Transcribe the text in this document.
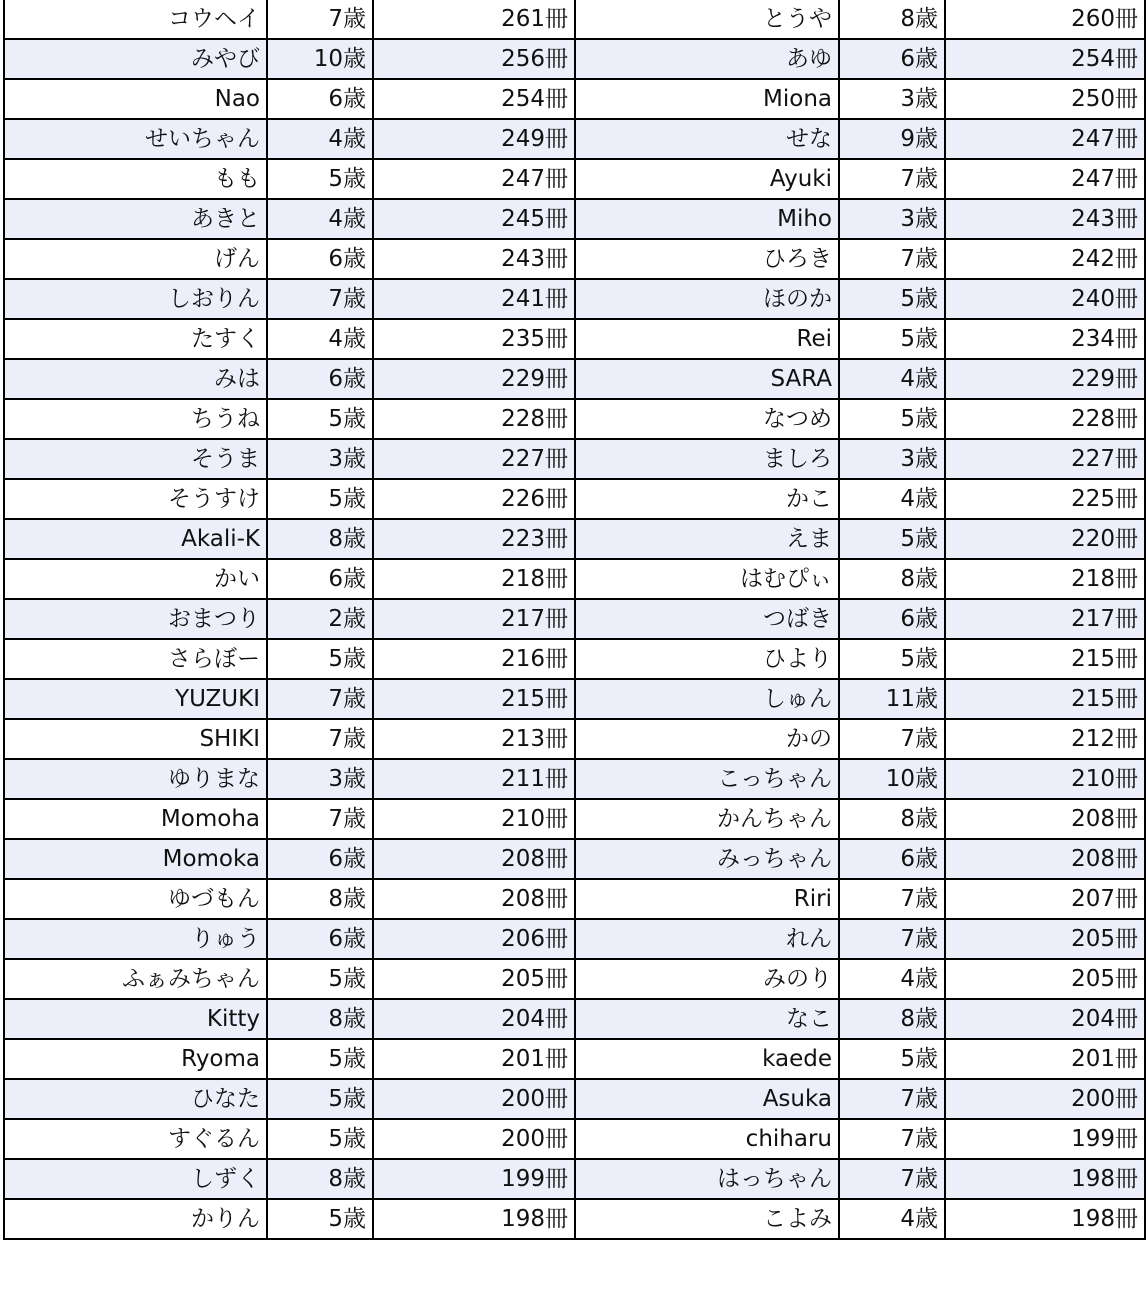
コウヘイ	7歳	261冊	とうや	8歳	260冊
みやび	10歳	256冊	あゆ	6歳	254冊
Nao	6歳	254冊	Miona	3歳	250冊
せいちゃん	4歳	249冊	せな	9歳	247冊
もも	5歳	247冊	Ayuki	7歳	247冊
あきと	4歳	245冊	Miho	3歳	243冊
げん	6歳	243冊	ひろき	7歳	242冊
しおりん	7歳	241冊	ほのか	5歳	240冊
たすく	4歳	235冊	Rei	5歳	234冊
みは	6歳	229冊	SARA	4歳	229冊
ちうね	5歳	228冊	なつめ	5歳	228冊
そうま	3歳	227冊	ましろ	3歳	227冊
そうすけ	5歳	226冊	かこ	4歳	225冊
Akali-K	8歳	223冊	えま	5歳	220冊
かい	6歳	218冊	はむぴぃ	8歳	218冊
おまつり	2歳	217冊	つばき	6歳	217冊
さらぼー	5歳	216冊	ひより	5歳	215冊
YUZUKI	7歳	215冊	しゅん	11歳	215冊
SHIKI	7歳	213冊	かの	7歳	212冊
ゆりまな	3歳	211冊	こっちゃん	10歳	210冊
Momoha	7歳	210冊	かんちゃん	8歳	208冊
Momoka	6歳	208冊	みっちゃん	6歳	208冊
ゆづもん	8歳	208冊	Riri	7歳	207冊
りゅう	6歳	206冊	れん	7歳	205冊
ふぁみちゃん	5歳	205冊	みのり	4歳	205冊
Kitty	8歳	204冊	なこ	8歳	204冊
Ryoma	5歳	201冊	kaede	5歳	201冊
ひなた	5歳	200冊	Asuka	7歳	200冊
すぐるん	5歳	200冊	chiharu	7歳	199冊
しずく	8歳	199冊	はっちゃん	7歳	198冊
かりん	5歳	198冊	こよみ	4歳	198冊
